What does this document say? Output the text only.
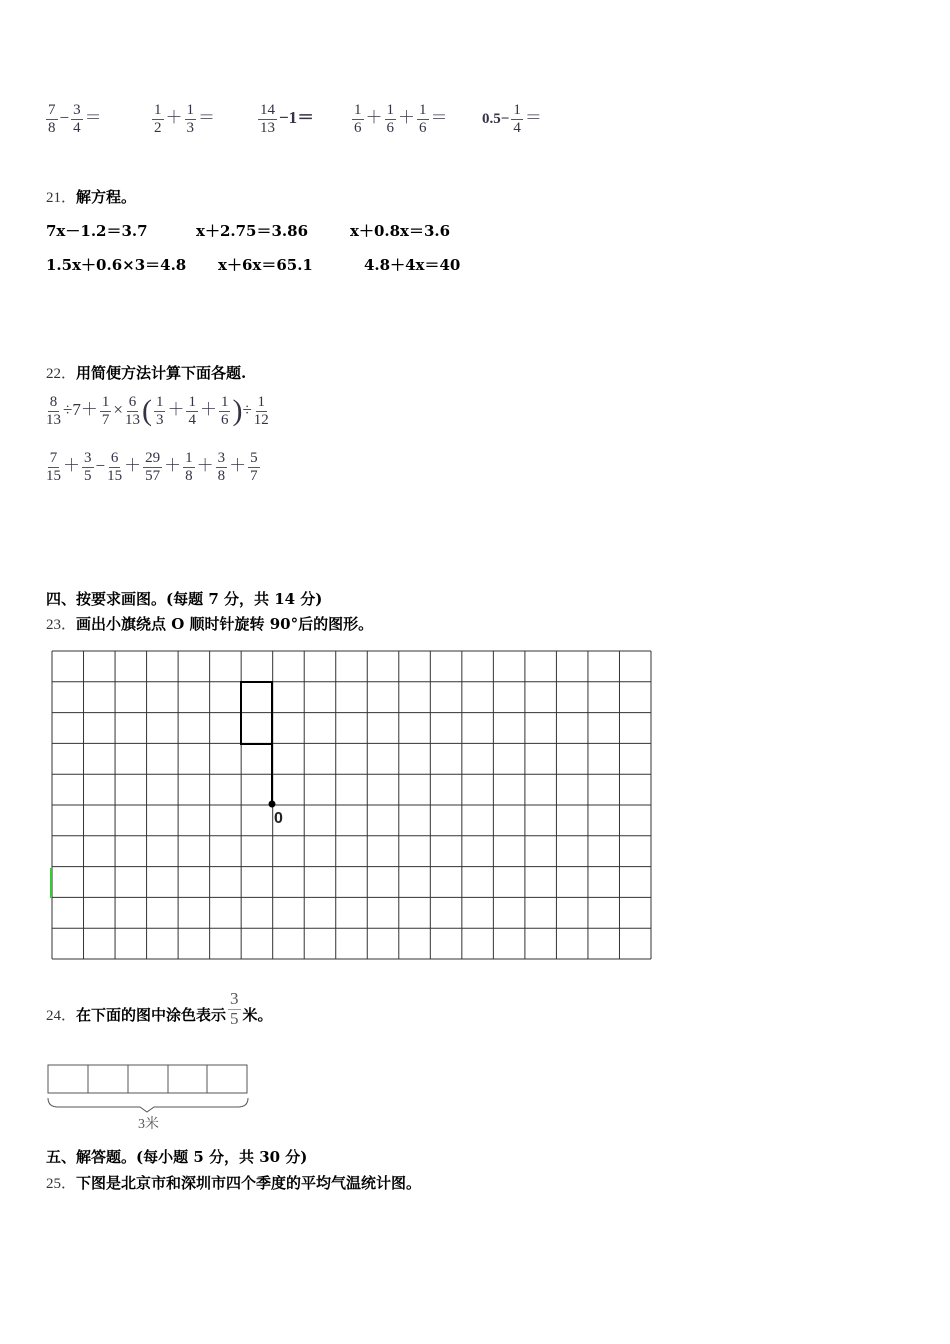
$\frac{7}{8} - \frac{3}{4}$ ＝	$\frac{1}{2} + \frac{1}{3}$ ＝	$\frac{14}{13} -1=$	$\frac{1}{6} + \frac{1}{6} + \frac{1}{6} = 0.5- \frac{1}{4}$ ＝
21．解方程。
7x－1.2＝3.7	x＋2.75＝3.86	x＋0.8x＝3.6
1.5x＋0.6×3＝4.8 x＋6x＝65.1	4.8＋4x＝40
22．用简便方法计算下面各题.
$\frac{8}{13} \div 7+ \frac{1}{7} \times \frac{6}{13}$ ( $\frac{1}{3} + \frac{1}{4} + \frac{1}{6}$ )÷ $\frac{1}{12}$
$\frac{7}{15} + \frac{3}{5} - \frac{6}{15} + \frac{29}{57} + \frac{1}{8} + \frac{3}{8} + \frac{5}{7}$
四、按要求画图。(每题 7 分，共 14 分)
23．画出小旗绕点 O 顺时针旋转 90°后的图形。
0
24．在下面的图中涂色表示 $\frac{3}{5}$ 米。
3米
五、解答题。(每小题 5 分，共 30 分)
25．下图是北京市和深圳市四个季度的平均气温统计图。
